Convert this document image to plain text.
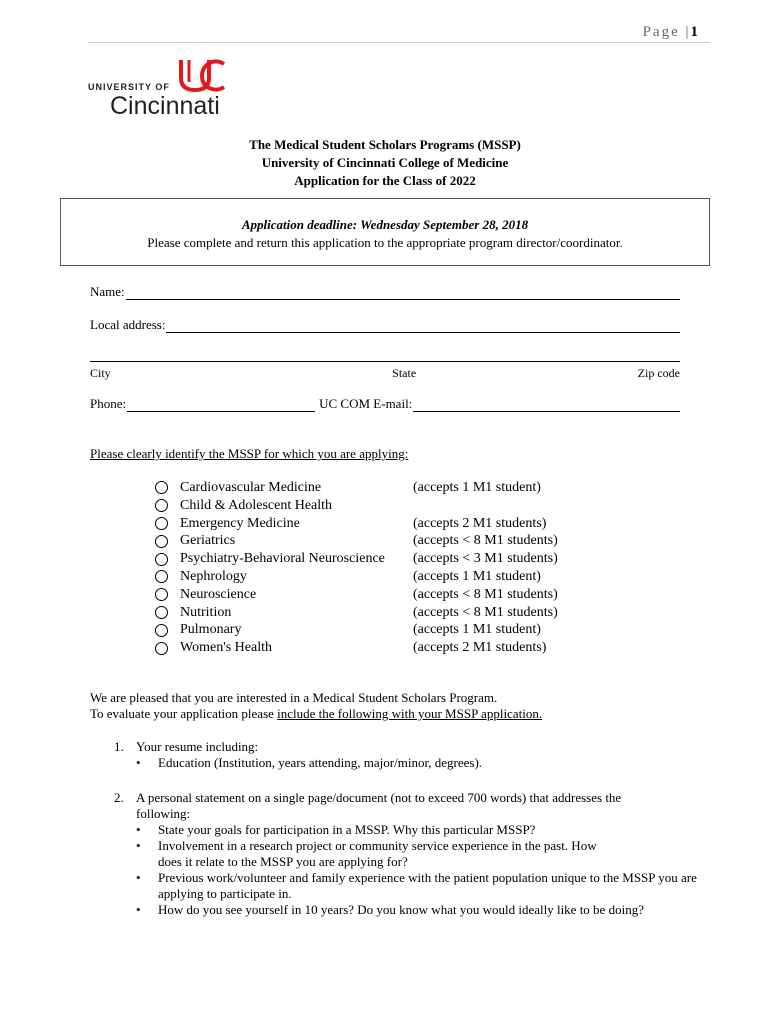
Page |1
UNIVERSITY OF
Cincinnati
The Medical Student Scholars Programs (MSSP)
University of Cincinnati College of Medicine
Application for the Class of 2022
Application deadline: Wednesday September 28, 2018
Please complete and return this application to the appropriate program director/coordinator.
Name:
Local address:
City	State	Zip code
Phone:	UC COM E-mail:
Please clearly identify the MSSP for which you are applying:
Cardiovascular Medicine	(accepts 1 M1 student)
Child & Adolescent Health
Emergency Medicine	(accepts 2 M1 students)
Geriatrics	(accepts < 8 M1 students)
Psychiatry-Behavioral Neuroscience	(accepts < 3 M1 students)
Nephrology	(accepts 1 M1 student)
Neuroscience	(accepts < 8 M1 students)
Nutrition	(accepts < 8 M1 students)
Pulmonary	(accepts 1 M1 student)
Women's Health	(accepts 2 M1 students)
We are pleased that you are interested in a Medical Student Scholars Program.
To evaluate your application please include the following with your MSSP application.
1. Your resume including:
• Education (Institution, years attending, major/minor, degrees).
2. A personal statement on a single page/document (not to exceed 700 words) that addresses the following:
• State your goals for participation in a MSSP. Why this particular MSSP?
• Involvement in a research project or community service experience in the past. How does it relate to the MSSP you are applying for?
• Previous work/volunteer and family experience with the patient population unique to the MSSP you are applying to participate in.
• How do you see yourself in 10 years? Do you know what you would ideally like to be doing?
